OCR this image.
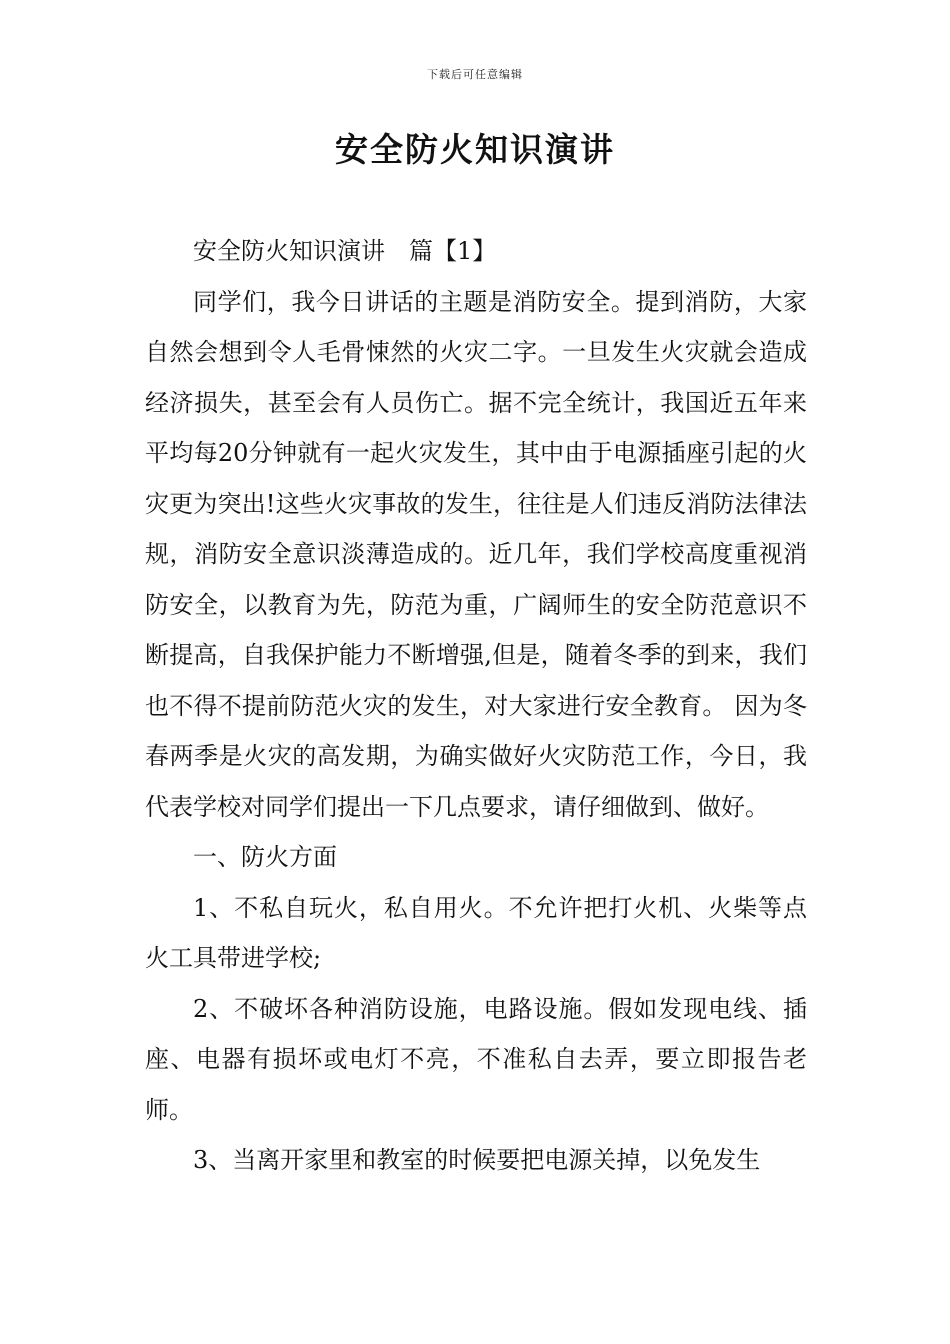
下载后可任意编辑
安全防火知识演讲

安全防火知识演讲　篇【1】

同学们，我今日讲话的主题是消防安全。提到消防，大家自然会想到令人毛骨悚然的火灾二字。一旦发生火灾就会造成经济损失，甚至会有人员伤亡。据不完全统计，我国近五年来平均每20分钟就有一起火灾发生，其中由于电源插座引起的火灾更为突出!这些火灾事故的发生，往往是人们违反消防法律法规，消防安全意识淡薄造成的。近几年，我们学校高度重视消防安全，以教育为先，防范为重，广阔师生的安全防范意识不断提高，自我保护能力不断增强,但是，随着冬季的到来，我们也不得不提前防范火灾的发生，对大家进行安全教育。 因为冬春两季是火灾的高发期，为确实做好火灾防范工作，今日，我代表学校对同学们提出一下几点要求，请仔细做到、做好。

一、防火方面

1、不私自玩火，私自用火。不允许把打火机、火柴等点火工具带进学校;

2、不破坏各种消防设施，电路设施。假如发现电线、插座、电器有损坏或电灯不亮，不准私自去弄，要立即报告老师。

3、当离开家里和教室的时候要把电源关掉，以免发生
